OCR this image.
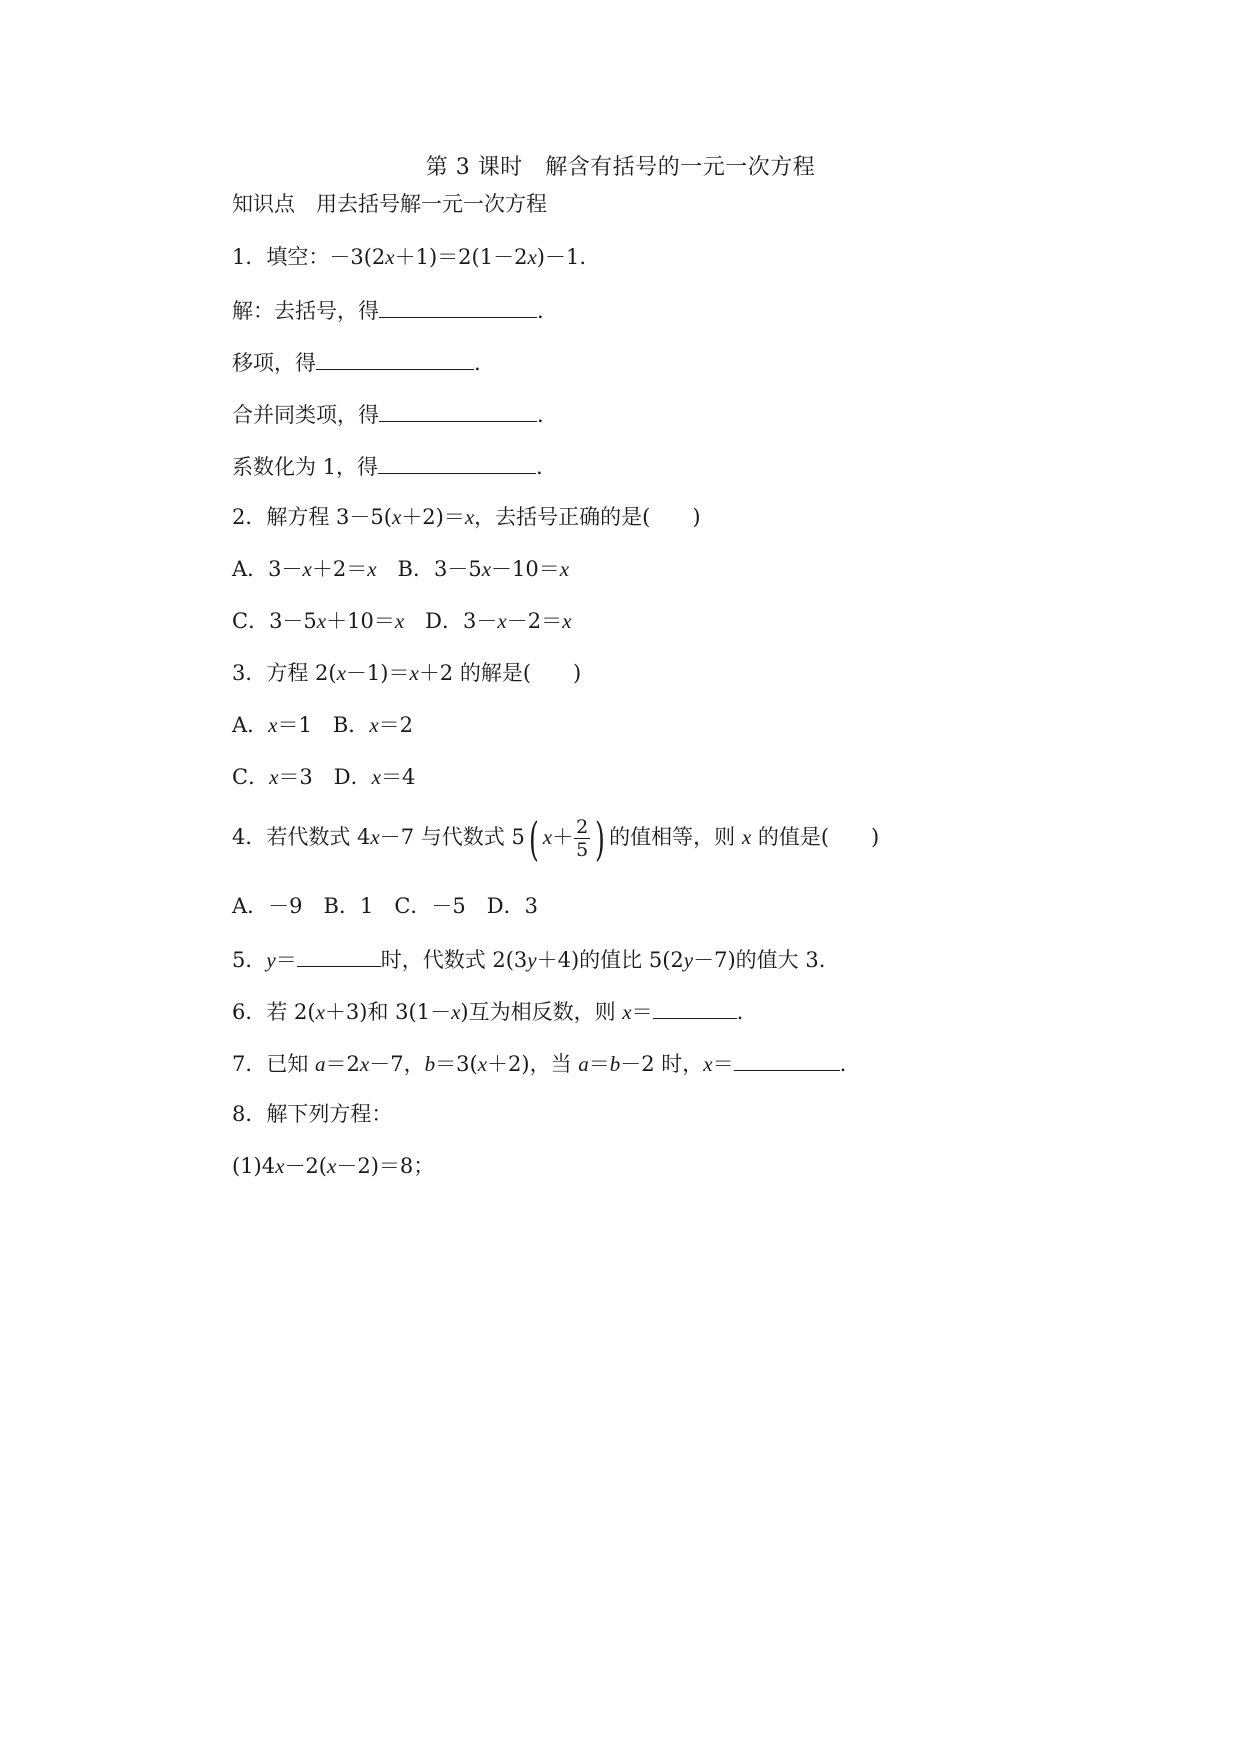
第 3 课时　解含有括号的一元一次方程
知识点　用去括号解一元一次方程
1．填空：－3(2x＋1)＝2(1－2x)－1.
解：去括号，得	.
移项，得	.
合并同类项，得	.
系数化为 1，得	.
2．解方程 3－5(x＋2)＝x，去括号正确的是(　　)
A．3－x＋2＝x　B．3－5x－10＝x
C．3－5x＋10＝x　D．3－x－2＝x
3．方程 2(x－1)＝x＋2 的解是(　　)
A．x＝1　B．x＝2
C．x＝3　D．x＝4
4．若代数式 4x－7 与代数式 5( $x+ \frac{2}{5}$ ) 的值相等，则 x 的值是(　　)
A．－9　B．1　C．－5　D．3
5．y＝	时，代数式 2(3y＋4)的值比 5(2y－7)的值大 3.
6．若 2(x＋3)和 3(1－x)互为相反数，则 x＝	.
7．已知 a＝2x－7，b＝3(x＋2)，当 a＝b－2 时，x＝	.
8．解下列方程：
(1)4x－2(x－2)＝8；
